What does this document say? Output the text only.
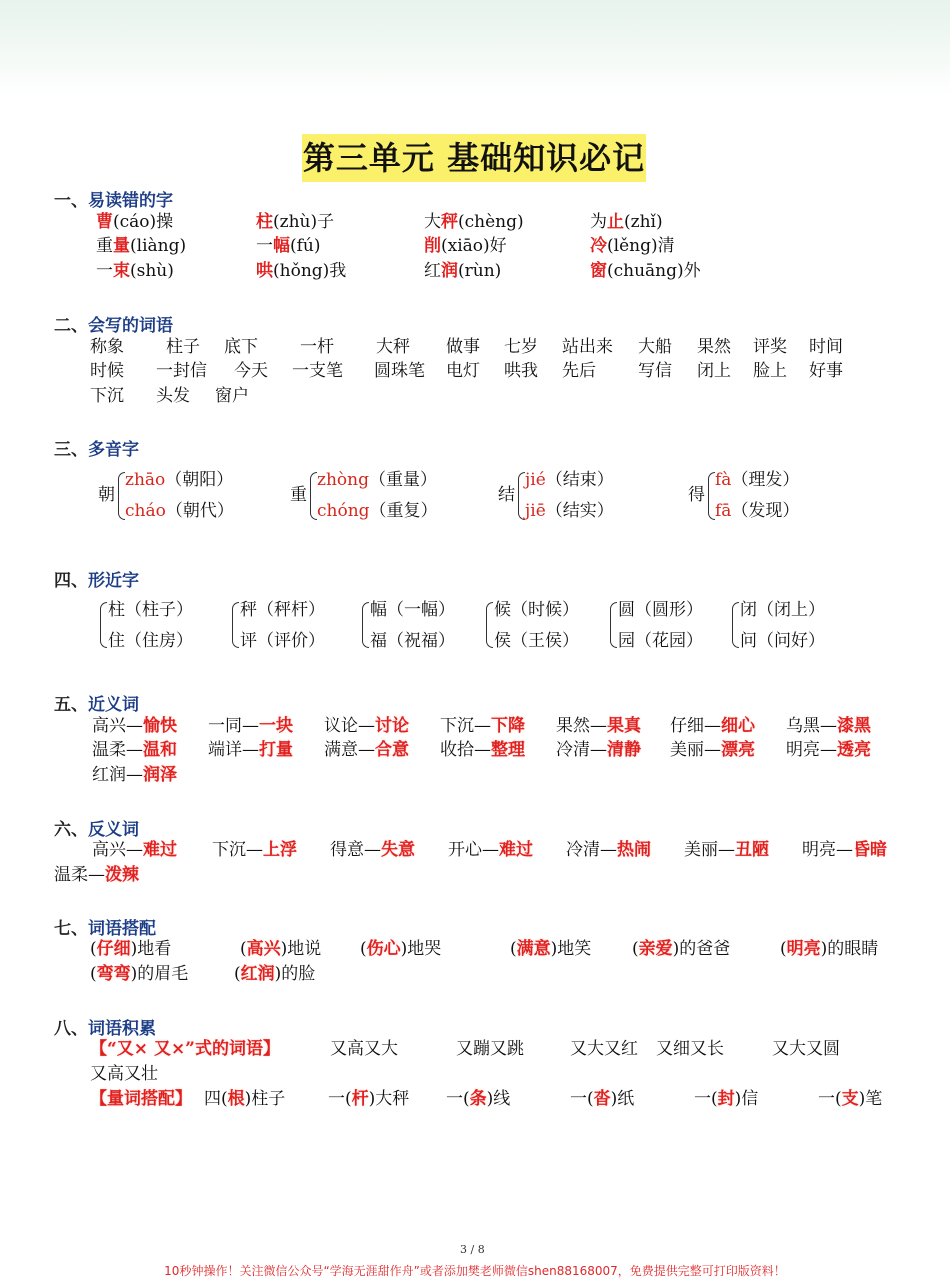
第三单元 基础知识必记
一、易读错的字
曹(cáo)操	柱(zhù)子	大秤(chèng)	为止(zhǐ)
重量(liàng)	一幅(fú)	削(xiāo)好	冷(lěng)清
一束(shù)	哄(hǒng)我	红润(rùn)	窗(chuāng)外
二、会写的词语
称象 柱子 底下 一杆 大秤 做事 七岁 站出来 大船 果然 评奖 时间
时候 一封信 今天 一支笔 圆珠笔 电灯 哄我 先后 写信 闭上 脸上 好事
下沉 头发 窗户
三、多音字
朝
zhāo（朝阳）
cháo（朝代）
重
zhòng（重量）
chóng（重复）
结
jié（结束）
jiē（结实）
得
fà（理发）
fā（发现）
四、形近字
柱（柱子）
住（住房）
秤（秤杆）
评（评价）
幅（一幅）
福（祝福）
候（时候）
侯（王侯）
圆（圆形）
园（花园）
闭（闭上）
问（问好）
五、近义词
高兴—愉快 一同—一块 议论—讨论 下沉—下降 果然—果真 仔细—细心 乌黑—漆黑
温柔—温和 端详—打量 满意—合意 收拾—整理 冷清—清静 美丽—漂亮 明亮—透亮
红润—润泽
六、反义词
高兴—难过 下沉—上浮 得意—失意 开心—难过 冷清—热闹 美丽—丑陋 明亮—昏暗
温柔—泼辣
七、词语搭配
(仔细)地看	(高兴)地说 (伤心)地哭	(满意)地笑 (亲爱)的爸爸	(明亮)的眼睛
(弯弯)的眉毛	(红润)的脸
八、词语积累
【“又× 又×”式的词语】	又高又大	又蹦又跳	又大又红 又细又长	又大又圆
又高又壮
【量词搭配】 四(根)柱子	一(杆)大秤 一(条)线	一(沓)纸	一(封)信	一(支)笔
3 / 8
10秒钟操作！关注微信公众号“学海无涯甜作舟”或者添加樊老师微信shen88168007，免费提供完整可打印版资料！
